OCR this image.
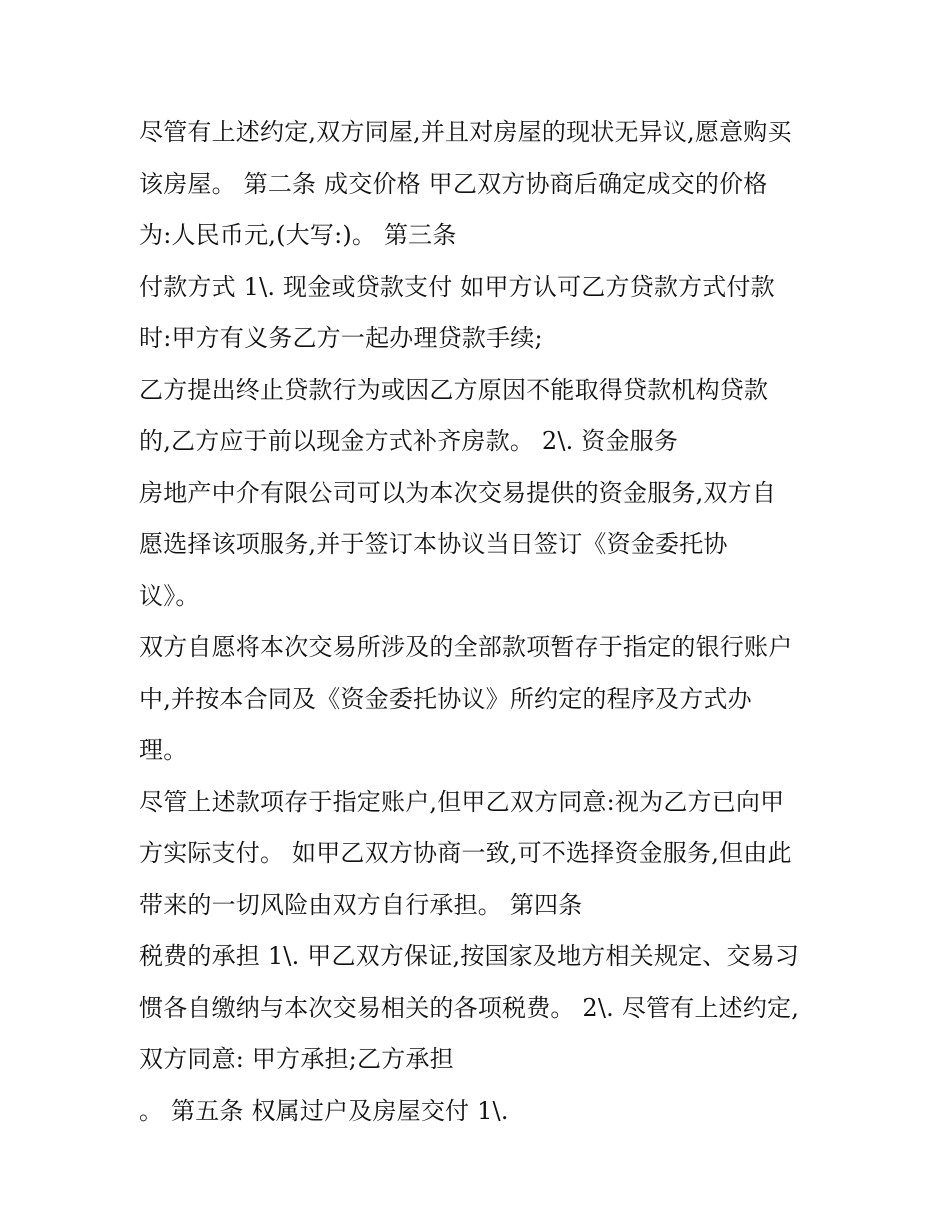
尽管有上述约定,双方同屋,并且对房屋的现状无异议,愿意购买
该房屋。 第二条 成交价格 甲乙双方协商后确定成交的价格
为:人民币元,(大写:)。 第三条
付款方式 1\. 现金或贷款支付 如甲方认可乙方贷款方式付款
时:甲方有义务乙方一起办理贷款手续;
乙方提出终止贷款行为或因乙方原因不能取得贷款机构贷款
的,乙方应于前以现金方式补齐房款。 2\. 资金服务
房地产中介有限公司可以为本次交易提供的资金服务,双方自
愿选择该项服务,并于签订本协议当日签订《资金委托协
议》。
双方自愿将本次交易所涉及的全部款项暂存于指定的银行账户
中,并按本合同及《资金委托协议》所约定的程序及方式办
理。
尽管上述款项存于指定账户,但甲乙双方同意:视为乙方已向甲
方实际支付。 如甲乙双方协商一致,可不选择资金服务,但由此
带来的一切风险由双方自行承担。 第四条
税费的承担 1\. 甲乙双方保证,按国家及地方相关规定、交易习
惯各自缴纳与本次交易相关的各项税费。 2\. 尽管有上述约定,
双方同意: 甲方承担;乙方承担
。 第五条 权属过户及房屋交付 1\.
